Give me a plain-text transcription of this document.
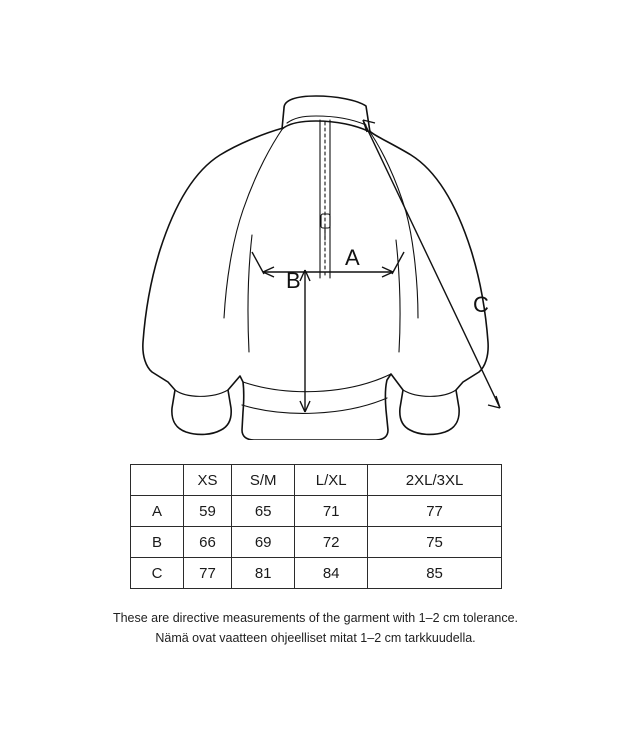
A
B
C
	XS	S/M	L/XL	2XL/3XL
A	59	65	71	77
B	66	69	72	75
C	77	81	84	85
These are directive measurements of the garment with 1–2 cm tolerance.
Nämä ovat vaatteen ohjeelliset mitat 1–2 cm tarkkuudella.
